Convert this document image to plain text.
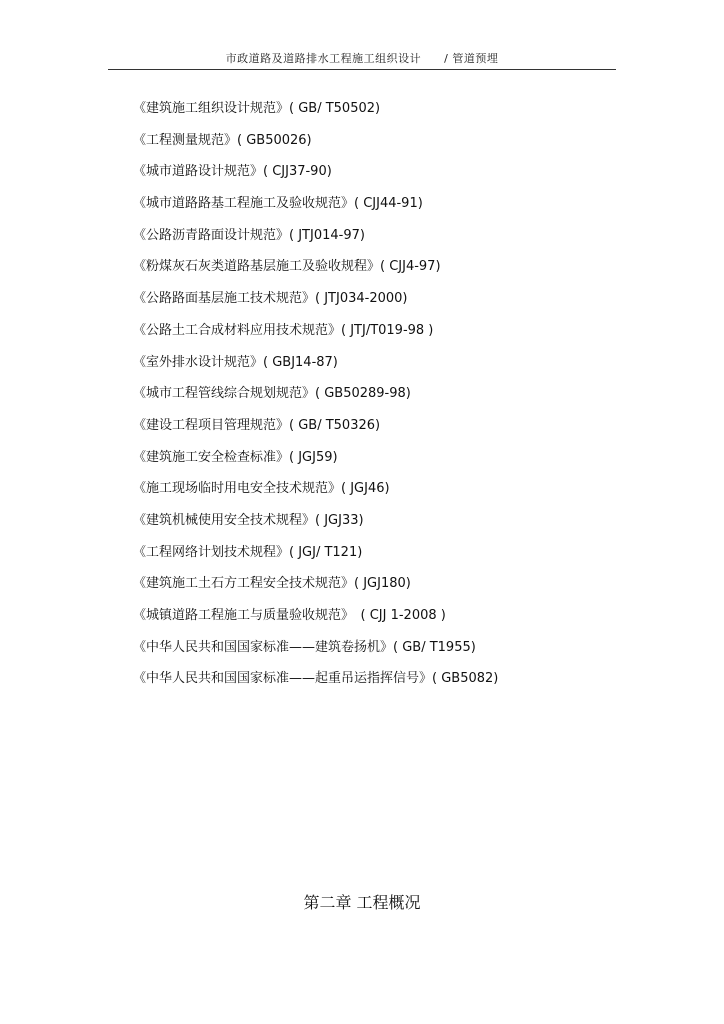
市政道路及道路排水工程施工组织设计　　/ 管道预埋
《建筑施工组织设计规范》( GB/ T50502)
《工程测量规范》( GB50026)
《城市道路设计规范》( CJJ37-90)
《城市道路路基工程施工及验收规范》( CJJ44-91)
《公路沥青路面设计规范》( JTJ014-97)
《粉煤灰石灰类道路基层施工及验收规程》( CJJ4-97)
《公路路面基层施工技术规范》( JTJ034-2000)
《公路土工合成材料应用技术规范》( JTJ/T019-98 )
《室外排水设计规范》( GBJ14-87)
《城市工程管线综合规划规范》( GB50289-98)
《建设工程项目管理规范》( GB/ T50326)
《建筑施工安全检查标准》( JGJ59)
《施工现场临时用电安全技术规范》( JGJ46)
《建筑机械使用安全技术规程》( JGJ33)
《工程网络计划技术规程》( JGJ/ T121)
《建筑施工土石方工程安全技术规范》( JGJ180)
《城镇道路工程施工与质量验收规范》　( CJJ 1-2008 )
《中华人民共和国国家标准——建筑卷扬机》( GB/ T1955)
《中华人民共和国国家标准——起重吊运指挥信号》( GB5082)
第二章 工程概况
